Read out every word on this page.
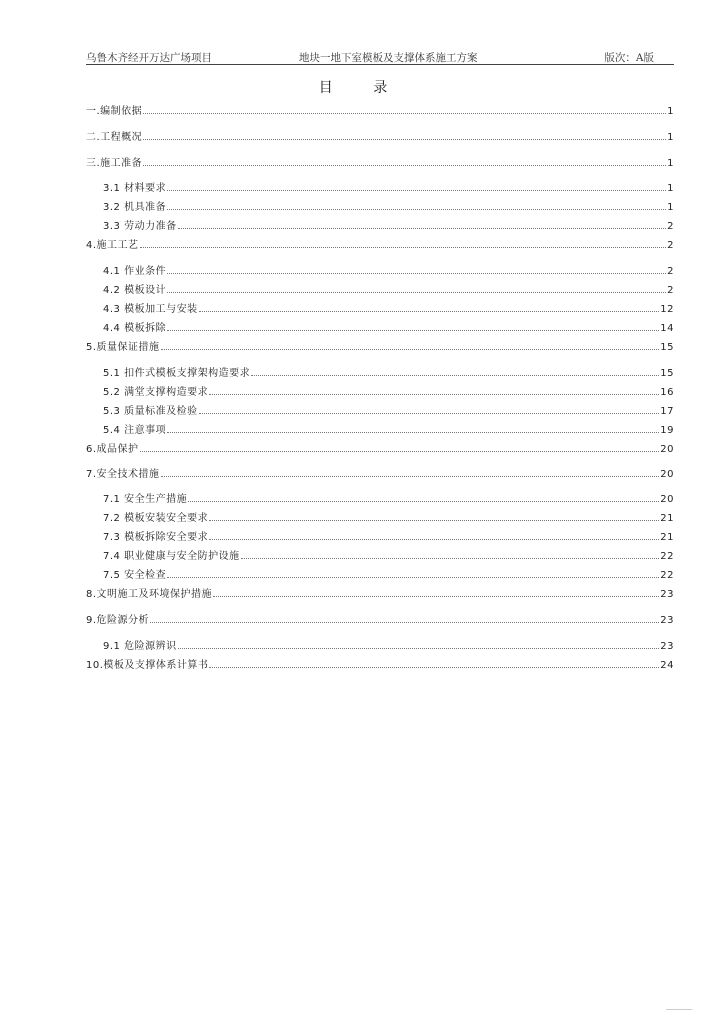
乌鲁木齐经开万达广场项目	地块一地下室模板及支撑体系施工方案	版次：A版
目 录
一.编制依据	1
二.工程概况	1
三.施工准备	1
3.1 材料要求	1
3.2 机具准备	1
3.3 劳动力准备	2
4.施工工艺	2
4.1 作业条件	2
4.2 模板设计	2
4.3 模板加工与安装	12
4.4 模板拆除	14
5.质量保证措施	15
5.1 扣件式模板支撑架构造要求	15
5.2 满堂支撑构造要求	16
5.3 质量标准及检验	17
5.4 注意事项	19
6.成品保护	20
7.安全技术措施	20
7.1 安全生产措施	20
7.2 模板安装安全要求	21
7.3 模板拆除安全要求	21
7.4 职业健康与安全防护设施	22
7.5 安全检查	22
8.文明施工及环境保护措施	23
9.危险源分析	23
9.1 危险源辨识	23
10.模板及支撑体系计算书	24
